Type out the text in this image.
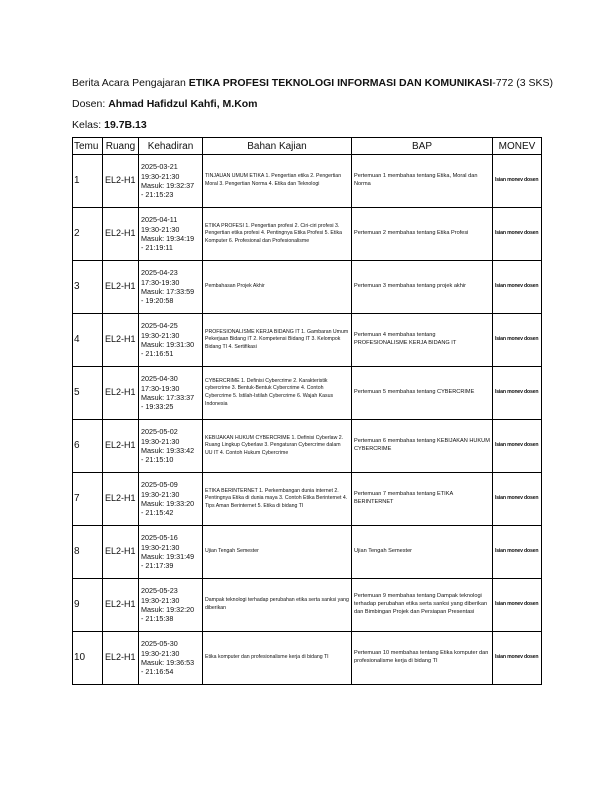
Berita Acara Pengajaran ETIKA PROFESI TEKNOLOGI INFORMASI DAN KOMUNIKASI-772 (3 SKS)
Dosen: Ahmad Hafidzul Kahfi, M.Kom
Kelas: 19.7B.13
Temu	Ruang	Kehadiran	Bahan Kajian	BAP	MONEV
1	EL2-H1	2025-03-21
19:30-21:30
Masuk: 19:32:37
- 21:15:23	TINJAUAN UMUM ETIKA 1. Pengertian etika 2. Pengertian Moral 3. Pengertian Norma 4. Etika dan Teknologi	Pertemuan 1 membahas tentang Etika, Moral dan Norma	Isian monev dosen
2	EL2-H1	2025-04-11
19:30-21:30
Masuk: 19:34:19
- 21:19:11	ETIKA PROFESI 1. Pengertian profesi 2. Ciri-ciri profesi 3. Pengertian etika profesi 4. Pentingnya Etika Profesi 5. Etika Komputer 6. Profesional dan Profesionalisme	Pertemuan 2 membahas tentang Etika Profesi	Isian monev dosen
3	EL2-H1	2025-04-23
17:30-19:30
Masuk: 17:33:59
- 19:20:58	Pembahasan Projek Akhir	Pertemuan 3 membahas tentang projek akhir	Isian monev dosen
4	EL2-H1	2025-04-25
19:30-21:30
Masuk: 19:31:30
- 21:16:51	PROFESIONALISME KERJA BIDANG IT 1. Gambaran Umum Pekerjaan Bidang IT 2. Kompetensi Bidang IT 3. Kelompok Bidang TI 4. Sertifikasi	Pertemuan 4 membahas tentang PROFESIONALISME KERJA BIDANG IT	Isian monev dosen
5	EL2-H1	2025-04-30
17:30-19:30
Masuk: 17:33:37
- 19:33:25	CYBERCRIME 1. Definisi Cybercrime 2. Karakteristik cybercrime 3. Bentuk-Bentuk Cybercrime 4. Contoh Cybercrime 5. Istilah-Istilah Cybercrime 6. Wajah Kasus Indonesia	Pertemuan 5 membahas tentang CYBERCRIME	Isian monev dosen
6	EL2-H1	2025-05-02
19:30-21:30
Masuk: 19:33:42
- 21:15:10	KEBIJAKAN HUKUM CYBERCRIME 1. Definisi Cyberlaw 2. Ruang Lingkup Cyberlaw 3. Pengaturan Cybercrime dalam UU IT 4. Contoh Hukum Cybercrime	Pertemuan 6 membahas tentang KEBIJAKAN HUKUM CYBERCRIME	Isian monev dosen
7	EL2-H1	2025-05-09
19:30-21:30
Masuk: 19:33:20
- 21:15:42	ETIKA BERINTERNET 1. Perkembangan dunia internet 2. Pentingnya Etika di dunia maya 3. Contoh Etika Berinternet 4. Tips Aman Berinternet 5. Etika di bidang TI	Pertemuan 7 membahas tentang ETIKA BERINTERNET	Isian monev dosen
8	EL2-H1	2025-05-16
19:30-21:30
Masuk: 19:31:49
- 21:17:39	Ujian Tengah Semester	Ujian Tengah Semester	Isian monev dosen
9	EL2-H1	2025-05-23
19:30-21:30
Masuk: 19:32:20
- 21:15:38	Dampak teknologi terhadap perubahan etika serta sanksi yang diberikan	Pertemuan 9 membahas tentang Dampak teknologi terhadap perubahan etika serta sanksi yang diberikan dan Bimbingan Projek dan Persiapan Presentasi	Isian monev dosen
10	EL2-H1	2025-05-30
19:30-21:30
Masuk: 19:36:53
- 21:16:54	Etika komputer dan profesionalisme kerja di bidang TI	Pertemuan 10 membahas tentang Etika komputer dan profesionalisme kerja di bidang TI	Isian monev dosen
